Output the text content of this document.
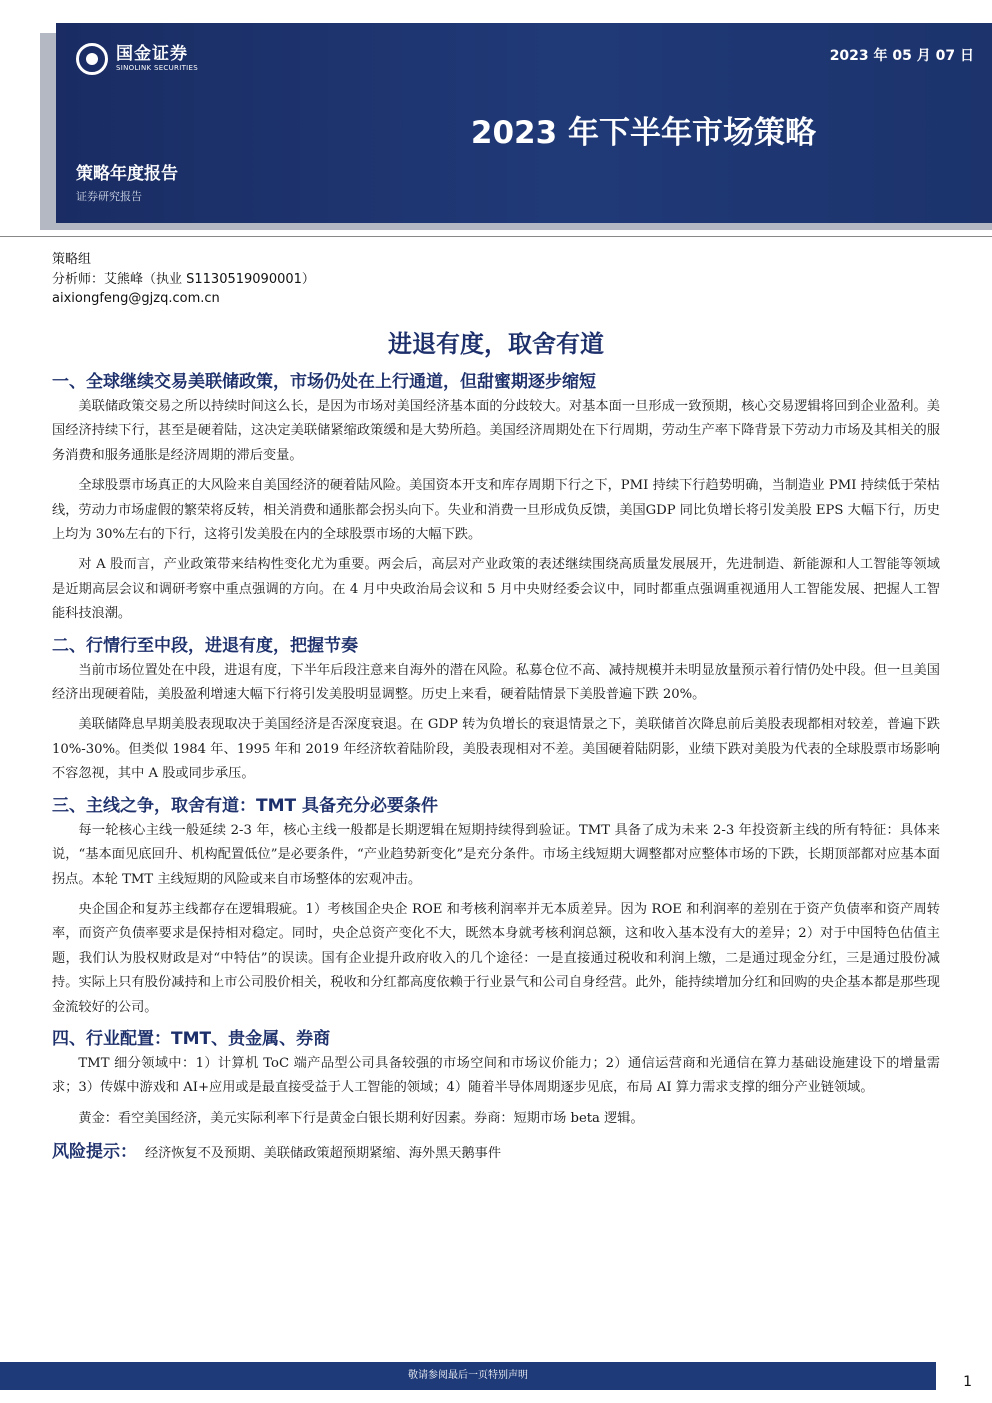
国金证券
SINOLINK SECURITIES
2023 年 05 月 07 日
2023 年下半年市场策略
策略年度报告
证券研究报告
策略组
分析师：艾熊峰（执业 S1130519090001）
aixiongfeng@gjzq.com.cn
进退有度，取舍有道
一、全球继续交易美联储政策，市场仍处在上行通道，但甜蜜期逐步缩短

美联储政策交易之所以持续时间这么长，是因为市场对美国经济基本面的分歧较大。对基本面一旦形成一致预期，核心交易逻辑将回到企业盈利。美国经济持续下行，甚至是硬着陆，这决定美联储紧缩政策缓和是大势所趋。美国经济周期处在下行周期，劳动生产率下降背景下劳动力市场及其相关的服务消费和服务通胀是经济周期的滞后变量。

全球股票市场真正的大风险来自美国经济的硬着陆风险。美国资本开支和库存周期下行之下，PMI 持续下行趋势明确，当制造业 PMI 持续低于荣枯线，劳动力市场虚假的繁荣将反转，相关消费和通胀都会拐头向下。失业和消费一旦形成负反馈，美国GDP 同比负增长将引发美股 EPS 大幅下行，历史上均为 30%左右的下行，这将引发美股在内的全球股票市场的大幅下跌。

对 A 股而言，产业政策带来结构性变化尤为重要。两会后，高层对产业政策的表述继续围绕高质量发展展开，先进制造、新能源和人工智能等领域是近期高层会议和调研考察中重点强调的方向。在 4 月中央政治局会议和 5 月中央财经委会议中，同时都重点强调重视通用人工智能发展、把握人工智能科技浪潮。

二、行情行至中段，进退有度，把握节奏

当前市场位置处在中段，进退有度，下半年后段注意来自海外的潜在风险。私募仓位不高、减持规模并未明显放量预示着行情仍处中段。但一旦美国经济出现硬着陆，美股盈利增速大幅下行将引发美股明显调整。历史上来看，硬着陆情景下美股普遍下跌 20%。

美联储降息早期美股表现取决于美国经济是否深度衰退。在 GDP 转为负增长的衰退情景之下，美联储首次降息前后美股表现都相对较差，普遍下跌 10%-30%。但类似 1984 年、1995 年和 2019 年经济软着陆阶段，美股表现相对不差。美国硬着陆阴影，业绩下跌对美股为代表的全球股票市场影响不容忽视，其中 A 股或同步承压。

三、主线之争，取舍有道：TMT 具备充分必要条件

每一轮核心主线一般延续 2-3 年，核心主线一般都是长期逻辑在短期持续得到验证。TMT 具备了成为未来 2-3 年投资新主线的所有特征：具体来说，“基本面见底回升、机构配置低位”是必要条件，“产业趋势新变化”是充分条件。市场主线短期大调整都对应整体市场的下跌，长期顶部都对应基本面拐点。本轮 TMT 主线短期的风险或来自市场整体的宏观冲击。

央企国企和复苏主线都存在逻辑瑕疵。1）考核国企央企 ROE 和考核利润率并无本质差异。因为 ROE 和利润率的差别在于资产负债率和资产周转率，而资产负债率要求是保持相对稳定。同时，央企总资产变化不大，既然本身就考核利润总额，这和收入基本没有大的差异；2）对于中国特色估值主题，我们认为股权财政是对“中特估”的误读。国有企业提升政府收入的几个途径：一是直接通过税收和利润上缴，二是通过现金分红，三是通过股份减持。实际上只有股份减持和上市公司股价相关，税收和分红都高度依赖于行业景气和公司自身经营。此外，能持续增加分红和回购的央企基本都是那些现金流较好的公司。

四、行业配置：TMT、贵金属、券商

TMT 细分领域中：1）计算机 ToC 端产品型公司具备较强的市场空间和市场议价能力；2）通信运营商和光通信在算力基础设施建设下的增量需求；3）传媒中游戏和 AI+应用或是最直接受益于人工智能的领域；4）随着半导体周期逐步见底，布局 AI 算力需求支撑的细分产业链领域。

黄金：看空美国经济，美元实际利率下行是黄金白银长期利好因素。券商：短期市场 beta 逻辑。

风险提示： 经济恢复不及预期、美联储政策超预期紧缩、海外黑天鹅事件
敬请参阅最后一页特别声明	1
